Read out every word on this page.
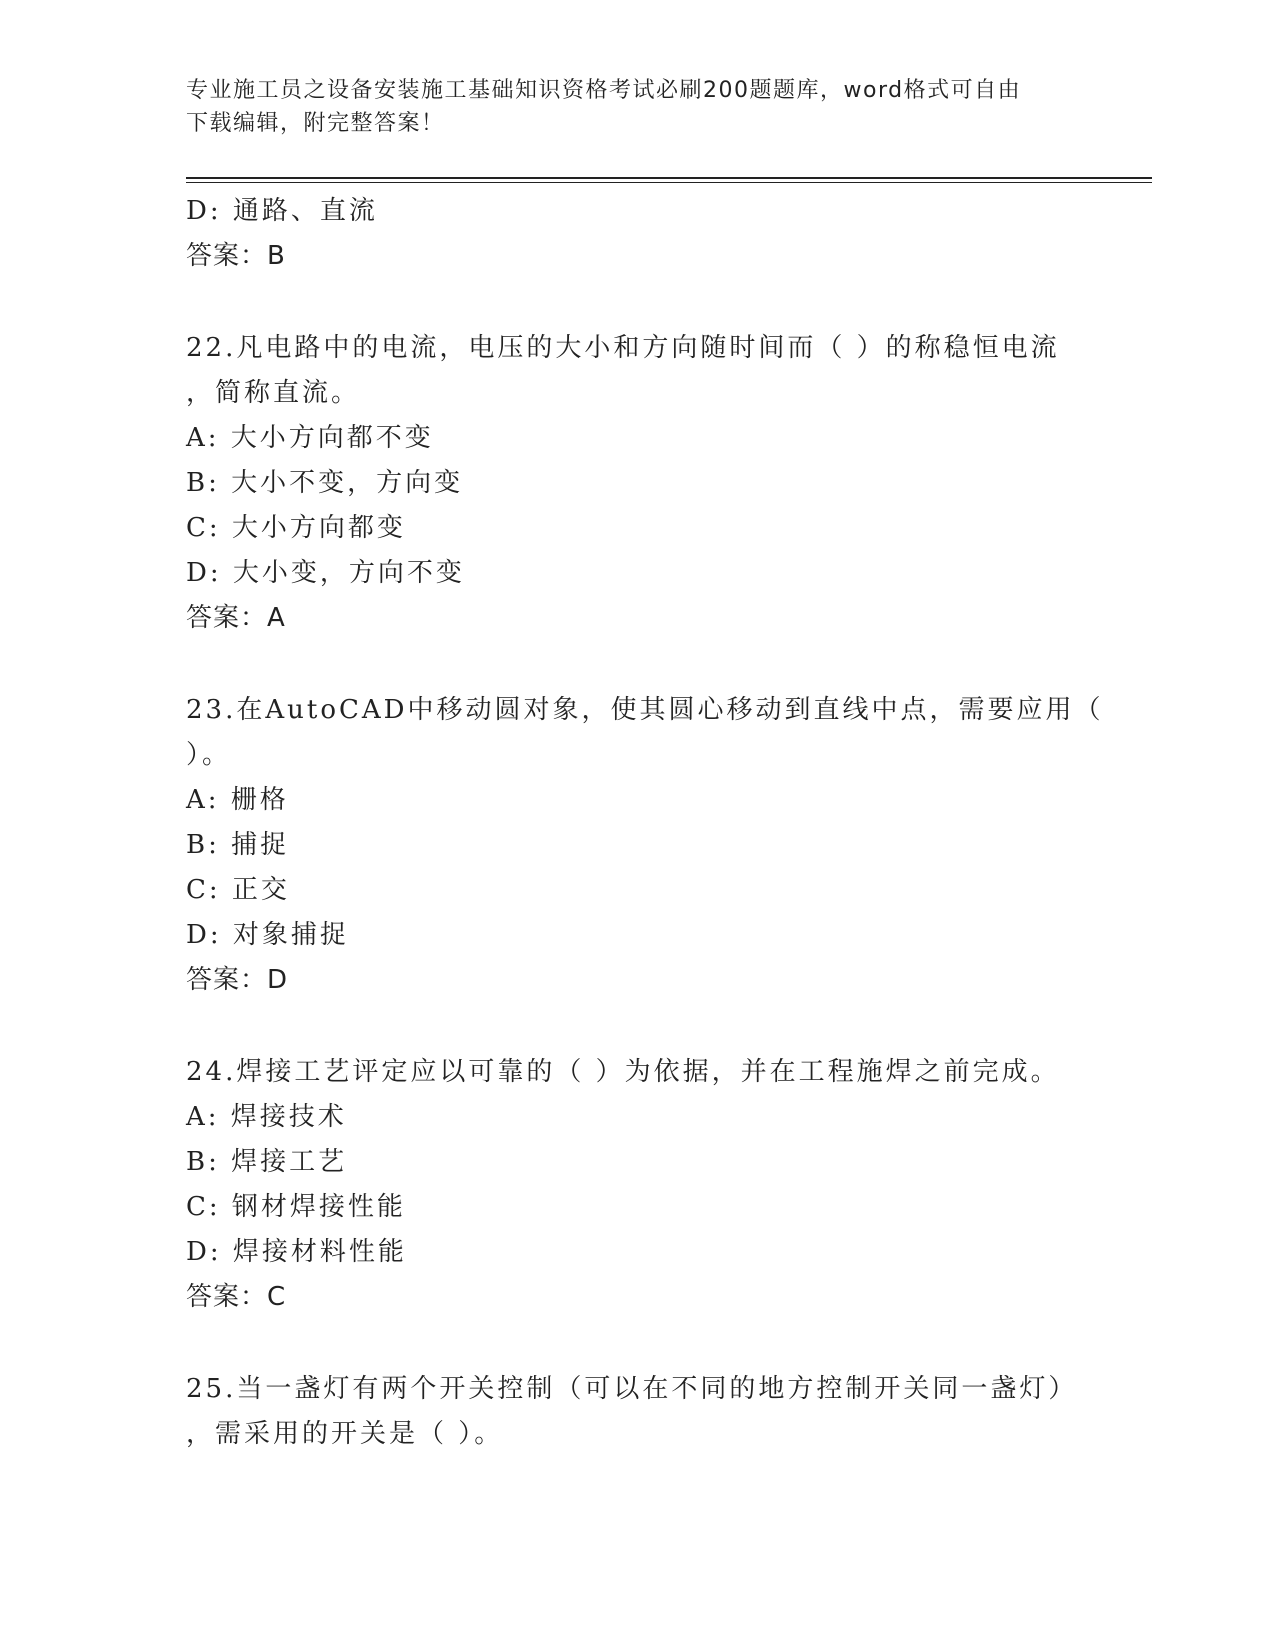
专业施工员之设备安装施工基础知识资格考试必刷200题题库，word格式可自由
下载编辑，附完整答案！
D: 通路、直流
答案：B
22.凡电路中的电流，电压的大小和方向随时间而（ ）的称稳恒电流
，简称直流。
A: 大小方向都不变
B: 大小不变，方向变
C: 大小方向都变
D: 大小变，方向不变
答案：A
23.在AutoCAD中移动圆对象，使其圆心移动到直线中点，需要应用（
）。
A: 栅格
B: 捕捉
C: 正交
D: 对象捕捉
答案：D
24.焊接工艺评定应以可靠的（ ）为依据，并在工程施焊之前完成。
A: 焊接技术
B: 焊接工艺
C: 钢材焊接性能
D: 焊接材料性能
答案：C
25.当一盏灯有两个开关控制（可以在不同的地方控制开关同一盏灯）
，需采用的开关是（ ）。
